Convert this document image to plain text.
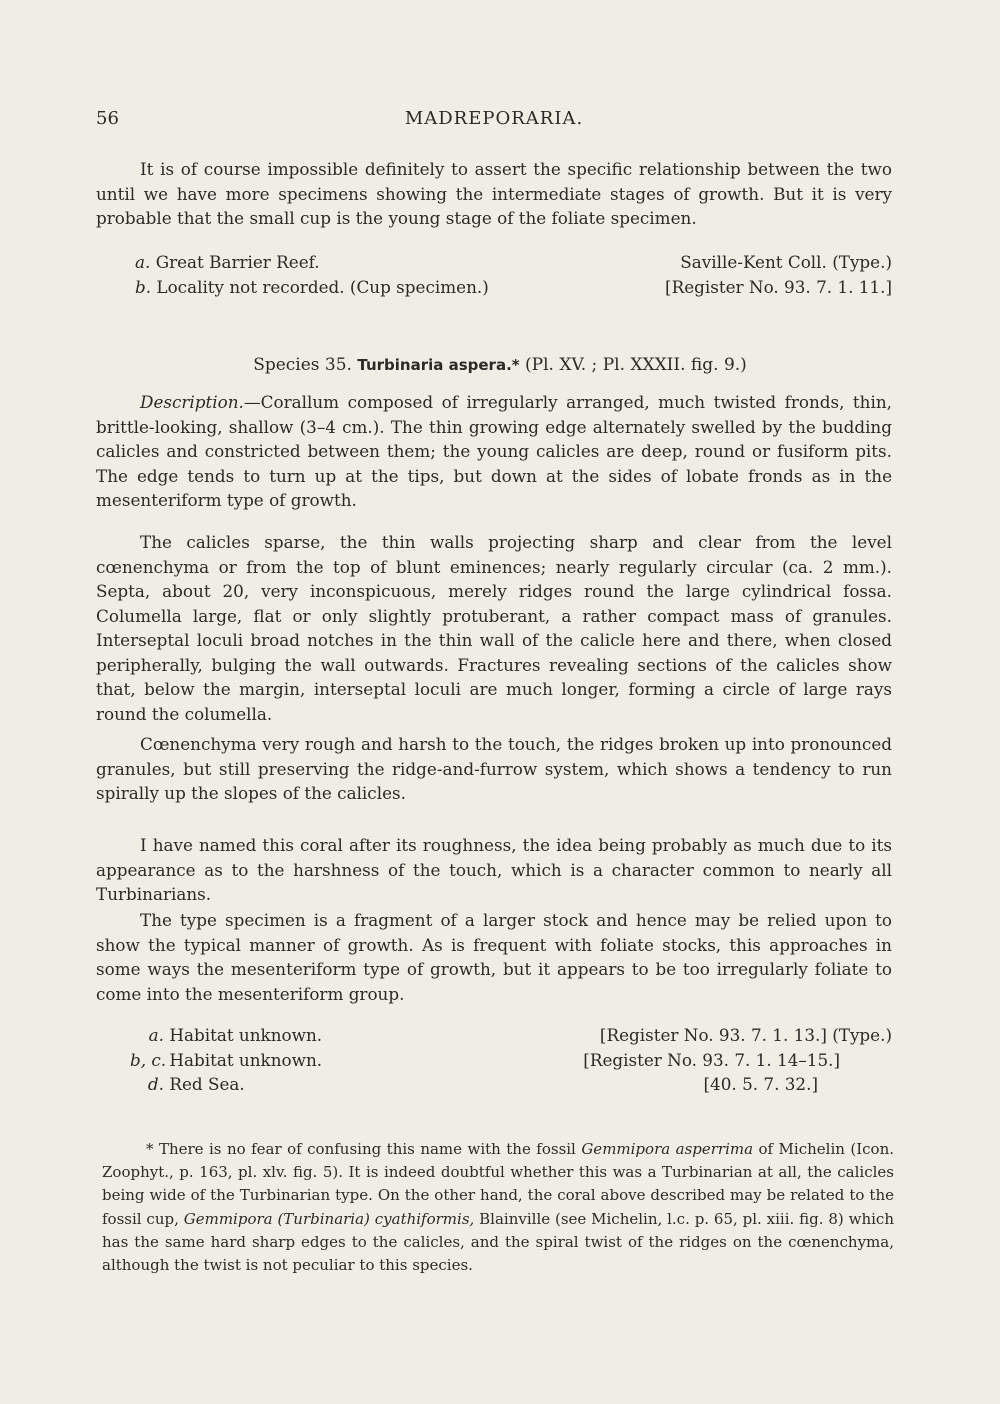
56	MADREPORARIA.

It is of course impossible definitely to assert the specific relationship between the two until we have more specimens showing the intermediate stages of growth. But it is very probable that the small cup is the young stage of the foliate specimen.

a. Great Barrier Reef.
b. Locality not recorded. (Cup specimen.)
Saville-Kent Coll. (Type.)
[Register No. 93. 7. 1. 11.]
Species 35. Turbinaria aspera.* (Pl. XV. ; Pl. XXXII. fig. 9.)

Description.—Corallum composed of irregularly arranged, much twisted fronds, thin, brittle-looking, shallow (3–4 cm.). The thin growing edge alternately swelled by the budding calicles and constricted between them; the young calicles are deep, round or fusiform pits. The edge tends to turn up at the tips, but down at the sides of lobate fronds as in the mesenteriform type of growth.

The calicles sparse, the thin walls projecting sharp and clear from the level cœnenchyma or from the top of blunt eminences; nearly regularly circular (ca. 2 mm.). Septa, about 20, very inconspicuous, merely ridges round the large cylindrical fossa. Columella large, flat or only slightly protuberant, a rather compact mass of granules. Interseptal loculi broad notches in the thin wall of the calicle here and there, when closed peripherally, bulging the wall outwards. Fractures revealing sections of the calicles show that, below the margin, interseptal loculi are much longer, forming a circle of large rays round the columella.

Cœnenchyma very rough and harsh to the touch, the ridges broken up into pronounced granules, but still preserving the ridge-and-furrow system, which shows a tendency to run spirally up the slopes of the calicles.

I have named this coral after its roughness, the idea being probably as much due to its appearance as to the harshness of the touch, which is a character common to nearly all Turbinarians.

The type specimen is a fragment of a larger stock and hence may be relied upon to show the typical manner of growth. As is frequent with foliate stocks, this approaches in some ways the mesenteriform type of growth, but it appears to be too irregularly foliate to come into the mesenteriform group.

a. Habitat unknown.
b, c. Habitat unknown.
d. Red Sea.
[Register No. 93. 7. 1. 13.] (Type.)
[Register No. 93. 7. 1. 14–15.]
[40. 5. 7. 32.]

* There is no fear of confusing this name with the fossil Gemmipora asperrima of Michelin (Icon. Zoophyt., p. 163, pl. xlv. fig. 5). It is indeed doubtful whether this was a Turbinarian at all, the calicles being wide of the Turbinarian type. On the other hand, the coral above described may be related to the fossil cup, Gemmipora (Turbinaria) cyathiformis, Blainville (see Michelin, l.c. p. 65, pl. xiii. fig. 8) which has the same hard sharp edges to the calicles, and the spiral twist of the ridges on the cœnenchyma, although the twist is not peculiar to this species.
